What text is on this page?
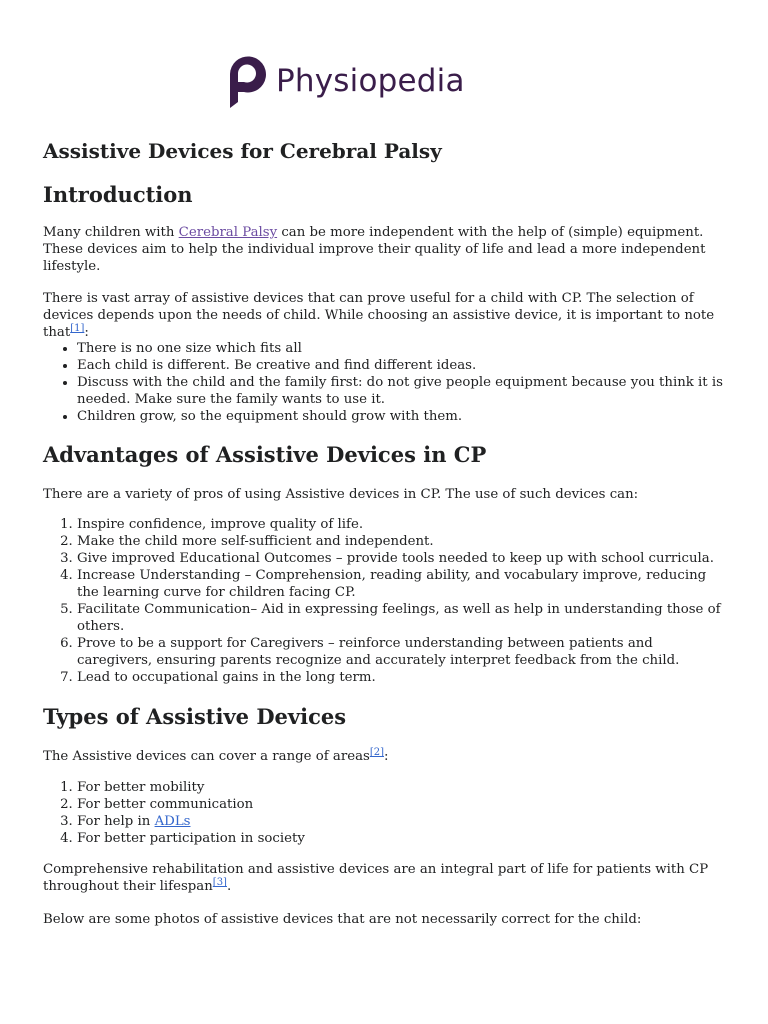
Physiopedia
Assistive Devices for Cerebral Palsy
Introduction

Many children with Cerebral Palsy can be more independent with the help of (simple) equipment. These devices aim to help the individual improve their quality of life and lead a more independent lifestyle.

There is vast array of assistive devices that can prove useful for a child with CP. The selection of devices depends upon the needs of child. While choosing an assistive device, it is important to note that[1]:

• There is no one size which fits all
• Each child is different. Be creative and find different ideas.
• Discuss with the child and the family first: do not give people equipment because you think it is needed. Make sure the family wants to use it.
• Children grow, so the equipment should grow with them.
Advantages of Assistive Devices in CP

There are a variety of pros of using Assistive devices in CP. The use of such devices can:

1. Inspire confidence, improve quality of life.
2. Make the child more self-sufficient and independent.
3. Give improved Educational Outcomes – provide tools needed to keep up with school curricula.
4. Increase Understanding – Comprehension, reading ability, and vocabulary improve, reducing the learning curve for children facing CP.
5. Facilitate Communication– Aid in expressing feelings, as well as help in understanding those of others.
6. Prove to be a support for Caregivers – reinforce understanding between patients and caregivers, ensuring parents recognize and accurately interpret feedback from the child.
7. Lead to occupational gains in the long term.
Types of Assistive Devices

The Assistive devices can cover a range of areas[2]:

1. For better mobility
2. For better communication
3. For help in ADLs
4. For better participation in society

Comprehensive rehabilitation and assistive devices are an integral part of life for patients with CP throughout their lifespan[3].

Below are some photos of assistive devices that are not necessarily correct for the child:
